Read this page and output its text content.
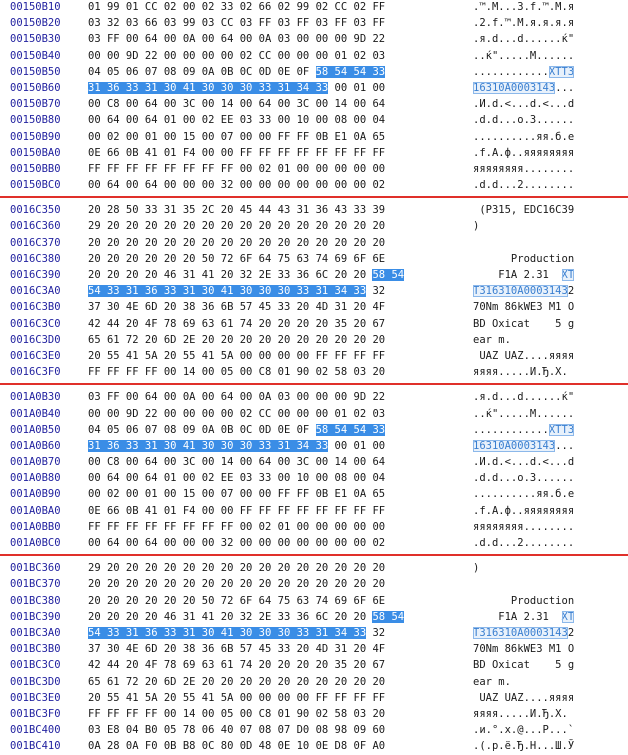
00150B10	01 99 01 CC 02 00 02 33 02 66 02 99 02 CC 02 FF	.™.M...3.f.™.M.я
00150B20	03 32 03 66 03 99 03 CC 03 FF 03 FF 03 FF 03 FF	.2.f.™.M.я.я.я.я
00150B30	03 FF 00 64 00 0A 00 64 00 0A 03 00 00 00 9D 22	.я.d...d......ќ"
00150B40	00 00 9D 22 00 00 00 00 02 CC 00 00 00 01 02 03	..ќ".....М......
00150B50	04 05 06 07 08 09 0A 0B 0C 0D 0E 0F 58 54 54 33	............XTT3
00150B60	31 36 33 31 30 41 30 30 30 33 31 34 33 00 01 00	16310A0003143...
00150B70	00 C8 00 64 00 3C 00 14 00 64 00 3C 00 14 00 64	.И.d.<...d.<...d
00150B80	00 64 00 64 01 00 02 EE 03 33 00 10 00 08 00 04	.d.d...o.3......
00150B90	00 02 00 01 00 15 00 07 00 00 FF FF 0B E1 0A 65	..........яя.б.e
00150BA0	0E 66 0B 41 01 F4 00 00 FF FF FF FF FF FF FF FF	.f.A.ф..яяяяяяяя
00150BB0	FF FF FF FF FF FF FF FF 00 02 01 00 00 00 00 00	яяяяяяяя........
00150BC0	00 64 00 64 00 00 00 32 00 00 00 00 00 00 00 02	.d.d...2........
0016C350	20 28 50 33 31 35 2C 20 45 44 43 31 36 43 33 39	(P315, EDC16C39
0016C360	29 20 20 20 20 20 20 20 20 20 20 20 20 20 20 20	)
0016C370	20 20 20 20 20 20 20 20 20 20 20 20 20 20 20 20
0016C380	20 20 20 20 20 20 50 72 6F 64 75 63 74 69 6F 6E	Production
0016C390	20 20 20 20 46 31 41 20 32 2E 33 36 6C 20 20 58 54	F1A 2.31  XT
0016C3A0	54 33 31 36 33 31 30 41 30 30 30 33 31 34 33 32	T316310A00031432
0016C3B0	37 30 4E 6D 20 38 36 6B 57 45 33 20 4D 31 20 4F	70Nm 86kWE3 M1 O
0016C3C0	42 44 20 4F 78 69 63 61 74 20 20 20 20 35 20 67	BD Oxicat    5 g
0016C3D0	65 61 72 20 6D 2E 20 20 20 20 20 20 20 20 20 20	ear m.
0016C3E0	20 55 41 5A 20 55 41 5A 00 00 00 00 FF FF FF FF	UAZ UAZ....яяяя
0016C3F0	FF FF FF FF 00 14 00 05 00 C8 01 90 02 58 03 20	яяяя.....И.Ђ.X.
001A0B30	03 FF 00 64 00 0A 00 64 00 0A 03 00 00 00 9D 22	.я.d...d......ќ"
001A0B40	00 00 9D 22 00 00 00 00 02 CC 00 00 00 01 02 03	..ќ".....М......
001A0B50	04 05 06 07 08 09 0A 0B 0C 0D 0E 0F 58 54 54 33	............XTT3
001A0B60	31 36 33 31 30 41 30 30 30 33 31 34 33 00 01 00	16310A0003143...
001A0B70	00 C8 00 64 00 3C 00 14 00 64 00 3C 00 14 00 64	.И.d.<...d.<...d
001A0B80	00 64 00 64 01 00 02 EE 03 33 00 10 00 08 00 04	.d.d...o.3......
001A0B90	00 02 00 01 00 15 00 07 00 00 FF FF 0B E1 0A 65	..........яя.б.e
001A0BA0	0E 66 0B 41 01 F4 00 00 FF FF FF FF FF FF FF FF	.f.A.ф..яяяяяяяя
001A0BB0	FF FF FF FF FF FF FF FF 00 02 01 00 00 00 00 00	яяяяяяяя........
001A0BC0	00 64 00 64 00 00 00 32 00 00 00 00 00 00 00 02	.d.d...2........
001BC360	29 20 20 20 20 20 20 20 20 20 20 20 20 20 20 20	)
001BC370	20 20 20 20 20 20 20 20 20 20 20 20 20 20 20 20
001BC380	20 20 20 20 20 20 50 72 6F 64 75 63 74 69 6F 6E	Production
001BC390	20 20 20 20 46 31 41 20 32 2E 33 36 6C 20 20 58 54	F1A 2.31  XT
001BC3A0	54 33 31 36 33 31 30 41 30 30 30 33 31 34 33 32	T316310A00031432
001BC3B0	37 30 4E 6D 20 38 36 6B 57 45 33 20 4D 31 20 4F	70Nm 86kWE3 M1 O
001BC3C0	42 44 20 4F 78 69 63 61 74 20 20 20 20 35 20 67	BD Oxicat    5 g
001BC3D0	65 61 72 20 6D 2E 20 20 20 20 20 20 20 20 20 20	ear m.
001BC3E0	20 55 41 5A 20 55 41 5A 00 00 00 00 FF FF FF FF	UAZ UAZ....яяяя
001BC3F0	FF FF FF FF 00 14 00 05 00 C8 01 90 02 58 03 20	яяяя.....И.Ђ.X.
001BC400	03 E8 04 B0 05 78 06 40 07 08 07 D0 08 98 09 60	.и.°.x.@...Р...`
001BC410	0A 28 0A F0 0B B8 0C 80 0D 48 0E 10 0E D8 0F A0	.(.р.ё.Ђ.H...Ш.Ў
